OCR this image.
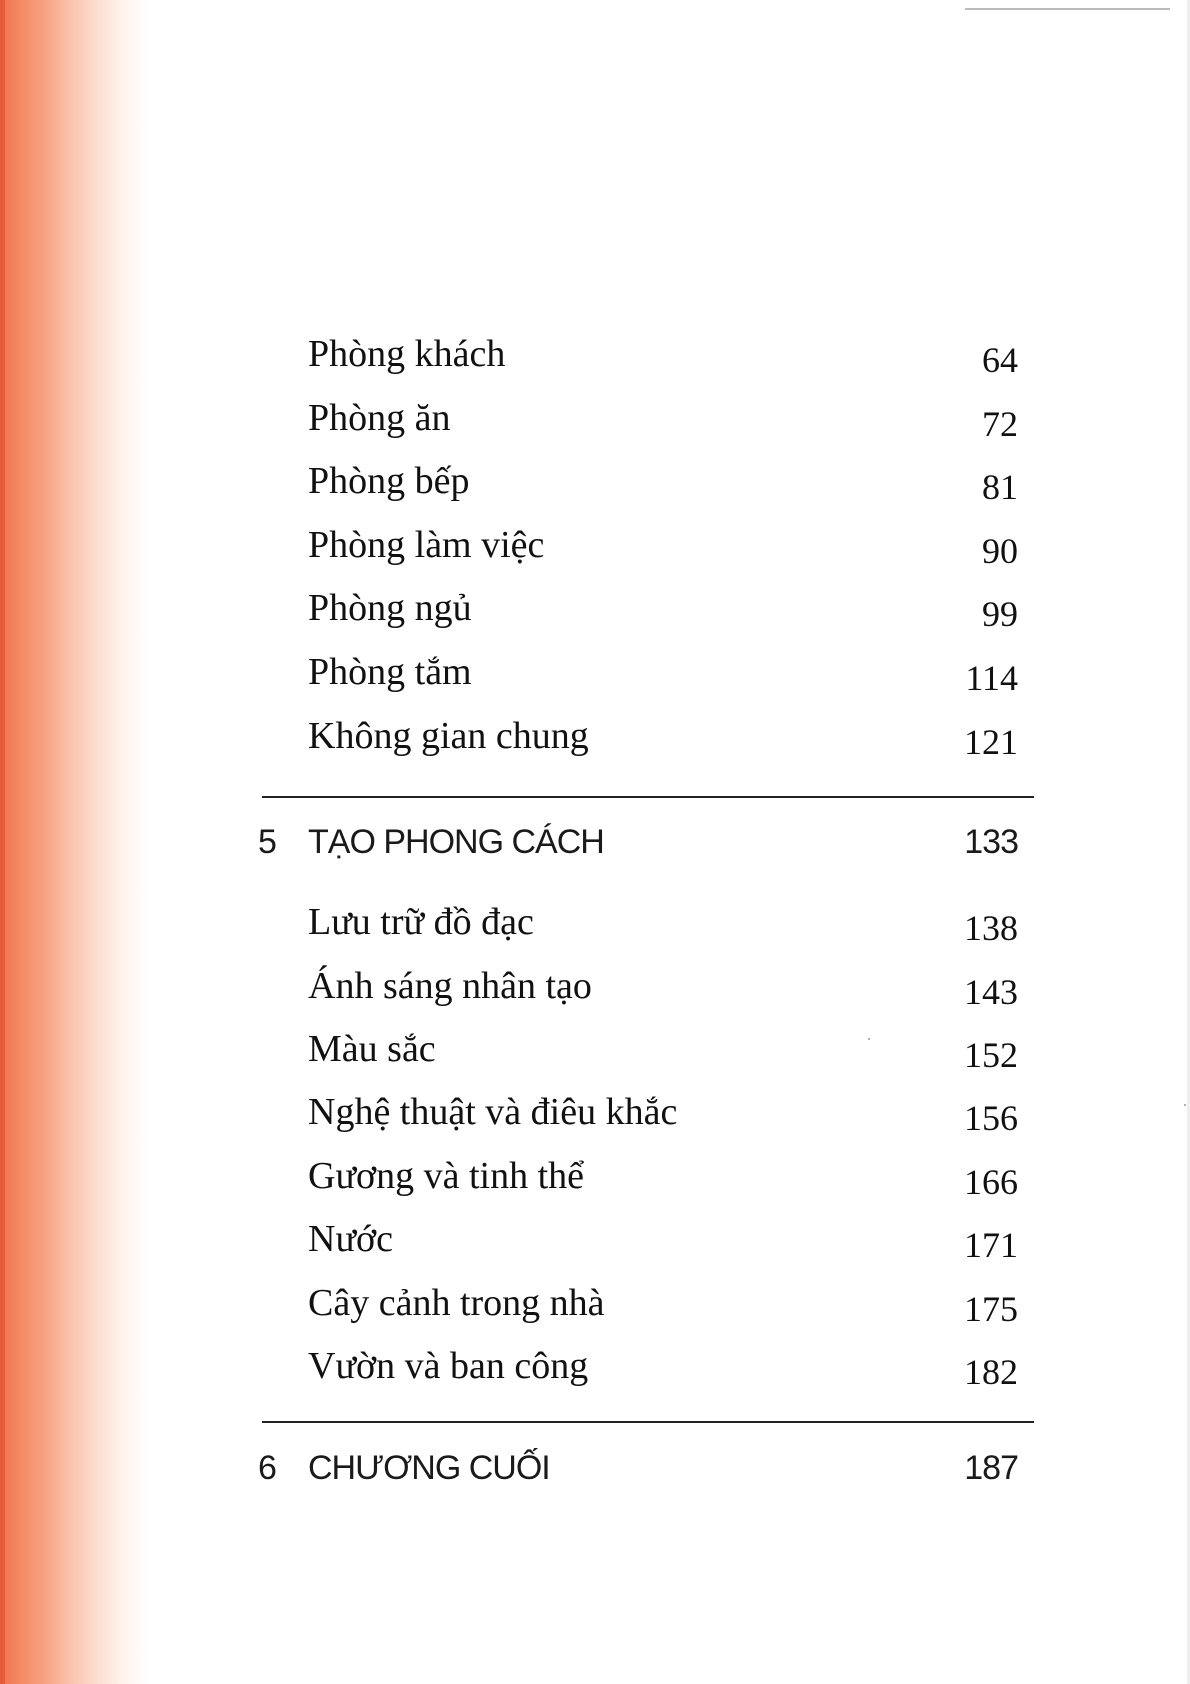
Phòng khách	64
Phòng ăn	72
Phòng bếp	81
Phòng làm việc	90
Phòng ngủ	99
Phòng tắm	114
Không gian chung	121
5 TẠO PHONG CÁCH	133
Lưu trữ đồ đạc	138
Ánh sáng nhân tạo	143
Màu sắc	152
Nghệ thuật và điêu khắc	156
Gương và tinh thể	166
Nước	171
Cây cảnh trong nhà	175
Vườn và ban công	182
6 CHƯƠNG CUỐI	187
